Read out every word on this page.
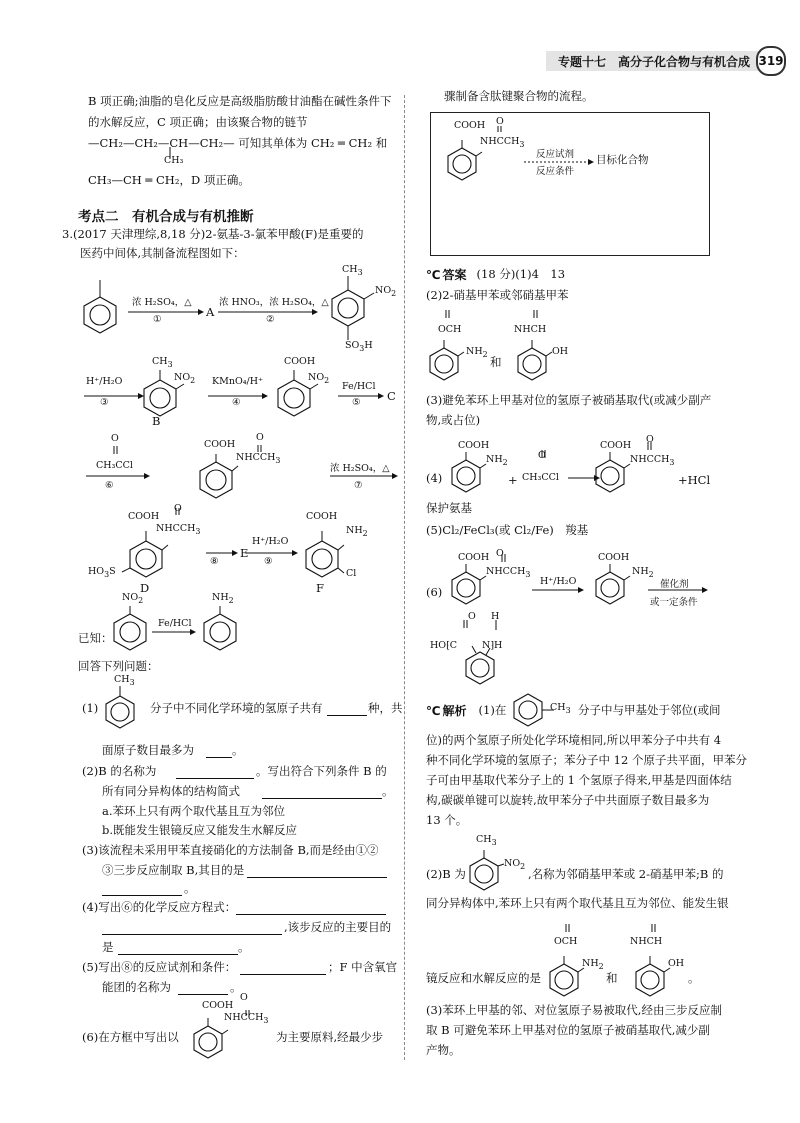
专题十七　高分子化合物与有机合成 319
B 项正确;油脂的皂化反应是高级脂肪酸甘油酯在碱性条件下
的水解反应，C 项正确；由该聚合物的链节
—CH₂—CH₂—CH—CH₂— 可知其单体为 CH₂ ═ CH₂ 和
CH₃
CH₃—CH ═ CH₂，D 项正确。
考点二　有机合成与有机推断
3.(2017 天津理综,8,18 分)2-氨基-3-氯苯甲酸(F)是重要的
医药中间体,其制备流程图如下：
$CH_3$
$NO_2$
$SO_3H$
浓 H₂SO₄，△
①
A
浓 HNO₃，浓 H₂SO₄，△
②
$CH_3$
$NO_2$
COOH
$NO_2$
H⁺/H₂O
③
B
KMnO₄/H⁺
④
Fe/HCl
⑤ C
O
CH₃CCl
⑥
COOH
O
$NHCCH_3$
浓 H₂SO₄，△
⑦
COOH
O
$NHCCH_3$
$HO_3S$
D
⑧
E
H⁺/H₂O
⑨
COOH
$NH_2$
Cl
F
已知：
$NO_2$
Fe/HCl
$NH_2$
回答下列问题：
(1)
$CH_3$
分子中不同化学环境的氢原子共有	种，共
面原子数目最多为	。
(2)B 的名称为	。写出符合下列条件 B 的
所有同分异构体的结构简式	。
a.苯环上只有两个取代基且互为邻位
b.既能发生银镜反应又能发生水解反应
(3)该流程未采用甲苯直接硝化的方法制备 B,而是经由①②
③三步反应制取 B,其目的是
。
(4)写出⑥的化学反应方程式：
,该步反应的主要目的
是	。
(5)写出⑧的反应试剂和条件：	；F 中含氧官
能团的名称为	。
(6)在方框中写出以
COOH
O
$NHCCH_3$
为主要原料,经最少步
骤制备含肽键聚合物的流程。
COOH O
$NHCCH_3$
反应试剂
反应条件
目标化合物
℃ 答案 (18 分)(1)4　13
(2)2-硝基甲苯或邻硝基甲苯
OCH
$NH_2$
和
NHCH
OH
(3)避免苯环上甲基对位的氢原子被硝基取代(或减少副产
物,或占位)
(4)
COOH
$NH_2$
+
O
CH₃CCl
COOH
O
$NHCCH_3$
+HCl
保护氨基
(5)Cl₂/FeCl₃(或 Cl₂/Fe)　羧基
(6)
COOH O
$NHCCH_3$
H⁺/H₂O
COOH
$NH_2$
催化剂
或一定条件
O H
HO⁅C	N⁆H
℃ 解析 (1)在	$CH_3$ 分子中与甲基处于邻位(或间
位)的两个氢原子所处化学环境相同,所以甲苯分子中共有 4
种不同化学环境的氢原子；苯分子中 12 个原子共平面，甲苯分
子可由甲基取代苯分子上的 1 个氢原子得来,甲基是四面体结
构,碳碳单键可以旋转,故甲苯分子中共面原子数目最多为
13 个。
(2)B 为
$CH_3$
$NO_2$
,名称为邻硝基甲苯或 2-硝基甲苯;B 的
同分异构体中,苯环上只有两个取代基且互为邻位、能发生银
OCH
$NH_2$
镜反应和水解反应的是	和
NHCH
OH
。
(3)苯环上甲基的邻、对位氢原子易被取代,经由三步反应制
取 B 可避免苯环上甲基对位的氢原子被硝基取代,减少副
产物。
